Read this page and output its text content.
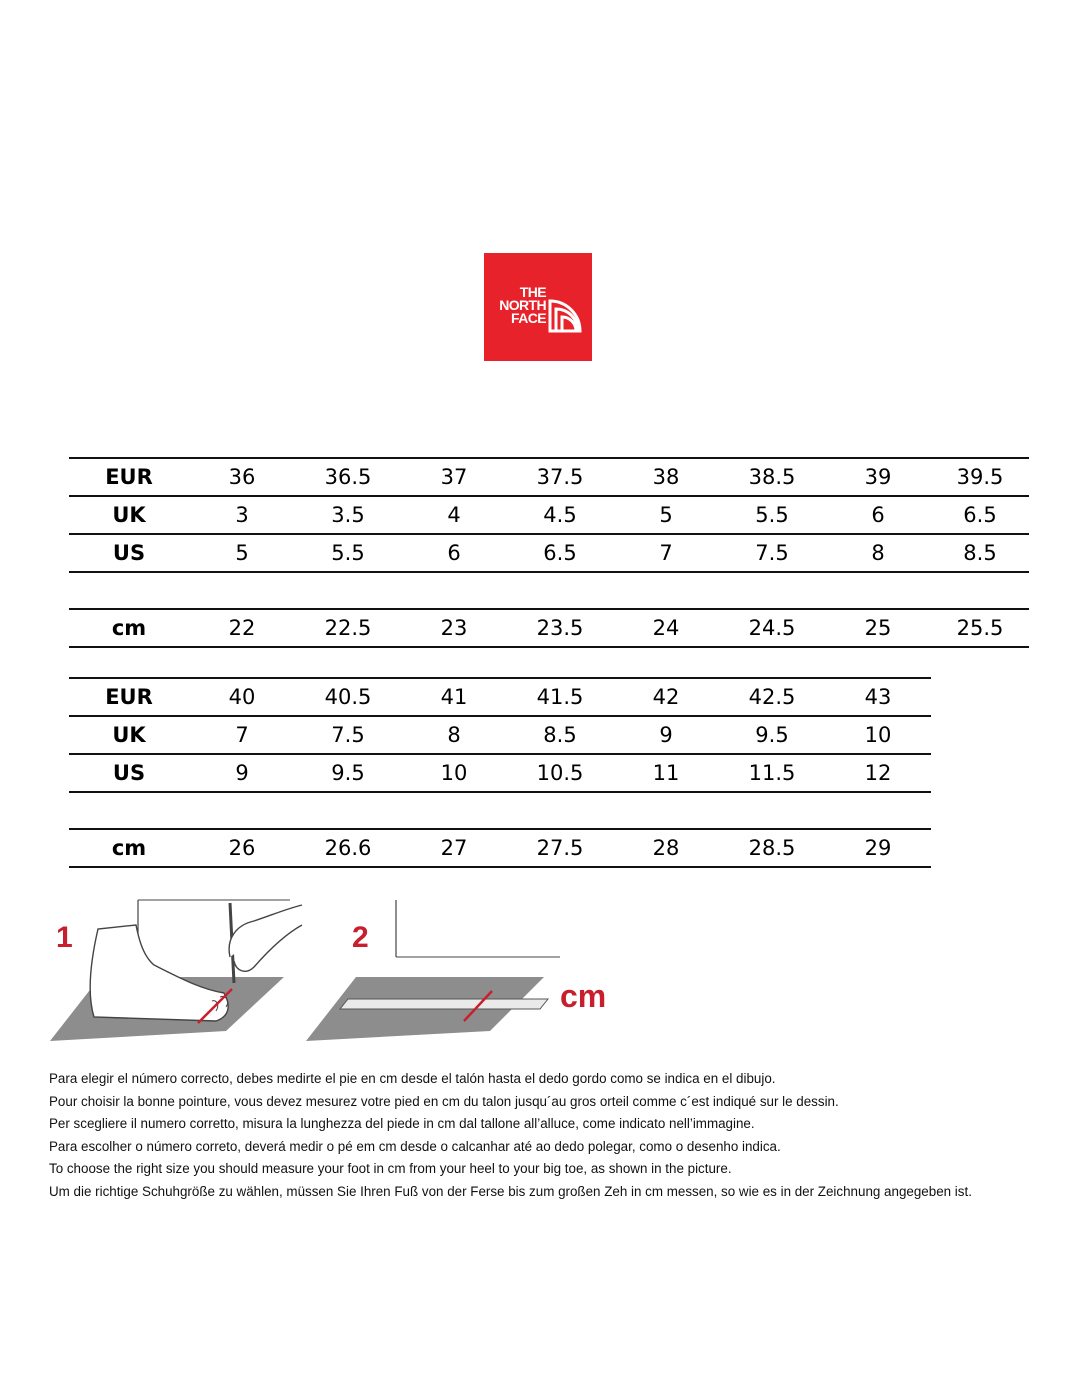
THE
NORTH
FACE
EUR	36	36.5	37	37.5	38	38.5	39	39.5
UK	3	3.5	4	4.5	5	5.5	6	6.5
US	5	5.5	6	6.5	7	7.5	8	8.5

cm	22	22.5	23	23.5	24	24.5	25	25.5
EUR	40	40.5	41	41.5	42	42.5	43
UK	7	7.5	8	8.5	9	9.5	10
US	9	9.5	10	10.5	11	11.5	12

cm	26	26.6	27	27.5	28	28.5	29
1	2
cm
Para elegir el número correcto, debes medirte el pie en cm desde el talón hasta el dedo gordo como se indica en el dibujo.
Pour choisir la bonne pointure, vous devez mesurez votre pied en cm du talon jusqu´au gros orteil comme c´est indiqué sur le dessin.
Per scegliere il numero corretto, misura la lunghezza del piede in cm dal tallone all’alluce, come indicato nell’immagine.
Para escolher o número correto, deverá medir o pé em cm desde o calcanhar até ao dedo polegar, como o desenho indica.
To choose the right size you should measure your foot in cm from your heel to your big toe, as shown in the picture.
Um die richtige Schuhgröße zu wählen, müssen Sie Ihren Fuß von der Ferse bis zum großen Zeh in cm messen, so wie es in der Zeichnung angegeben ist.
